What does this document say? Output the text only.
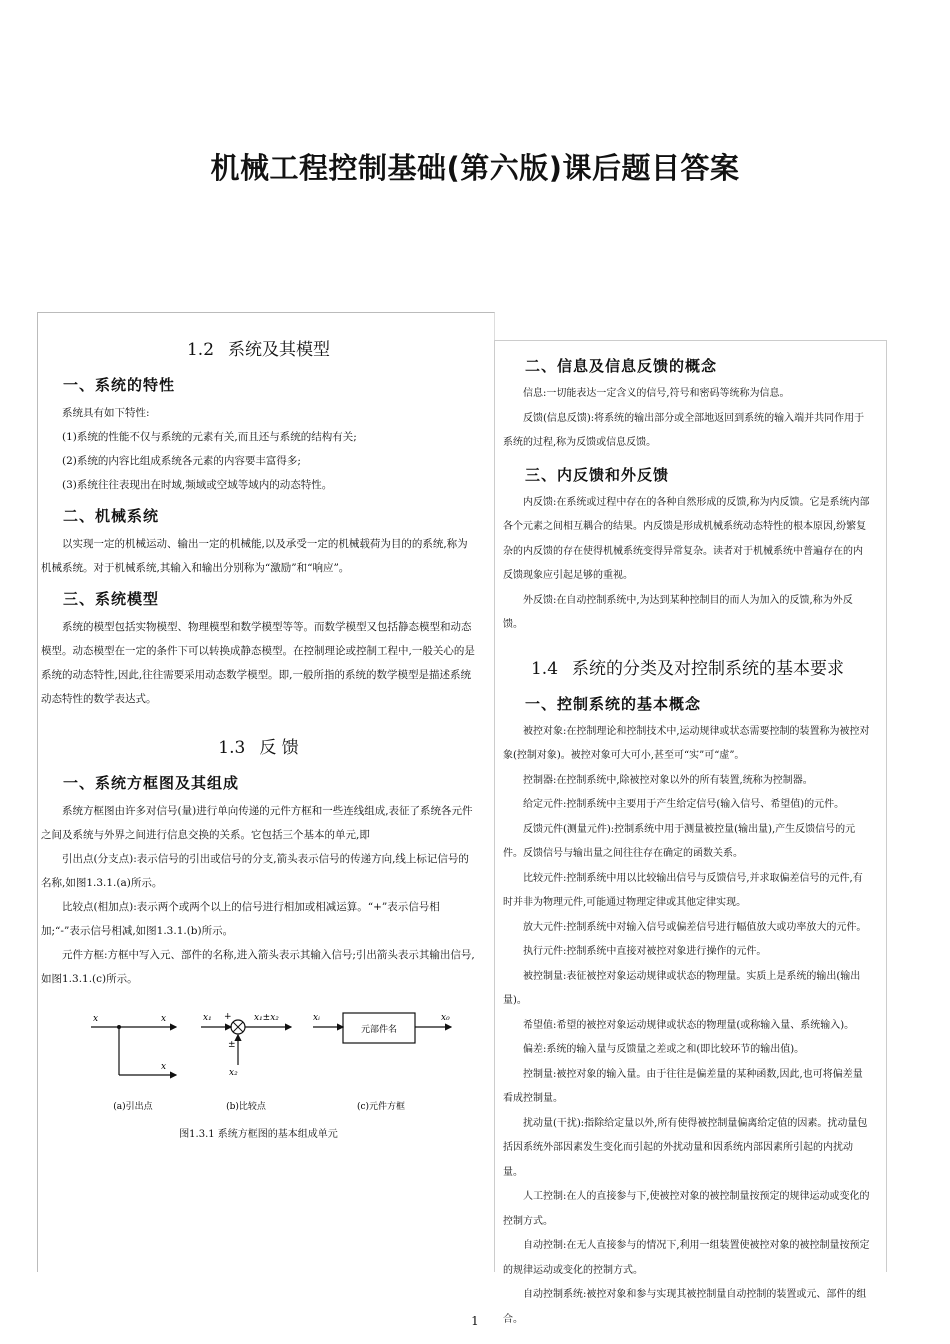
机械工程控制基础(第六版)课后题目答案
1.2 系统及其模型
一、系统的特性

系统具有如下特性:

(1)系统的性能不仅与系统的元素有关,而且还与系统的结构有关;

(2)系统的内容比组成系统各元素的内容要丰富得多;

(3)系统往往表现出在时域,频域或空域等域内的动态特性。

二、机械系统

以实现一定的机械运动、输出一定的机械能,以及承受一定的机械载荷为目的的系统,称为机械系统。对于机械系统,其输入和输出分别称为“激励”和“响应”。

三、系统模型

系统的模型包括实物模型、物理模型和数学模型等等。而数学模型又包括静态模型和动态模型。动态模型在一定的条件下可以转换成静态模型。在控制理论或控制工程中,一般关心的是系统的动态特性,因此,往往需要采用动态数学模型。即,一般所指的系统的数学模型是描述系统动态特性的数学表达式。

1.3 反 馈
一、系统方框图及其组成

系统方框图由许多对信号(量)进行单向传递的元件方框和一些连线组成,表征了系统各元件之间及系统与外界之间进行信息交换的关系。它包括三个基本的单元,即

引出点(分支点):表示信号的引出或信号的分支,箭头表示信号的传递方向,线上标记信号的名称,如图1.3.1.(a)所示。

比较点(相加点):表示两个或两个以上的信号进行相加或相减运算。“+”表示信号相加;“-”表示信号相减,如图1.3.1.(b)所示。

元件方框:方框中写入元、部件的名称,进入箭头表示其输入信号;引出箭头表示其输出信号,如图1.3.1.(c)所示。

x	x
x
x₁ + x₁±x₂
±
x₂
元部件名
xᵢ	x₀
(a)引出点	(b)比较点	(c)元件方框
图1.3.1 系统方框图的基本组成单元
二、信息及信息反馈的概念

信息:一切能表达一定含义的信号,符号和密码等统称为信息。

反馈(信息反馈):将系统的输出部分或全部地返回到系统的输入端并共同作用于系统的过程,称为反馈或信息反馈。

三、内反馈和外反馈

内反馈:在系统或过程中存在的各种自然形成的反馈,称为内反馈。它是系统内部各个元素之间相互耦合的结果。内反馈是形成机械系统动态特性的根本原因,纷繁复杂的内反馈的存在使得机械系统变得异常复杂。读者对于机械系统中普遍存在的内反馈现象应引起足够的重视。

外反馈:在自动控制系统中,为达到某种控制目的而人为加入的反馈,称为外反馈。

1.4 系统的分类及对控制系统的基本要求
一、控制系统的基本概念

被控对象:在控制理论和控制技术中,运动规律或状态需要控制的装置称为被控对象(控制对象)。被控对象可大可小,甚至可“实”可“虚”。

控制器:在控制系统中,除被控对象以外的所有装置,统称为控制器。

给定元件:控制系统中主要用于产生给定信号(输入信号、希望值)的元件。

反馈元件(测量元件):控制系统中用于测量被控量(输出量),产生反馈信号的元件。反馈信号与输出量之间往往存在确定的函数关系。

比较元件:控制系统中用以比较输出信号与反馈信号,并求取偏差信号的元件,有时并非为物理元件,可能通过物理定律或其他定律实现。

放大元件:控制系统中对输入信号或偏差信号进行幅值放大或功率放大的元件。

执行元件:控制系统中直接对被控对象进行操作的元件。

被控制量:表征被控对象运动规律或状态的物理量。实质上是系统的输出(输出量)。

希望值:希望的被控对象运动规律或状态的物理量(或称输入量、系统输入)。

偏差:系统的输入量与反馈量之差或之和(即比较环节的输出值)。

控制量:被控对象的输入量。由于往往是偏差量的某种函数,因此,也可将偏差量看成控制量。

扰动量(干扰):指除给定量以外,所有使得被控制量偏离给定值的因素。扰动量包括因系统外部因素发生变化而引起的外扰动量和因系统内部因素所引起的内扰动量。

人工控制:在人的直接参与下,使被控对象的被控制量按预定的规律运动或变化的控制方式。

自动控制:在无人直接参与的情况下,利用一组装置使被控对象的被控制量按预定的规律运动或变化的控制方式。

自动控制系统:被控对象和参与实现其被控制量自动控制的装置或元、部件的组合。

1
